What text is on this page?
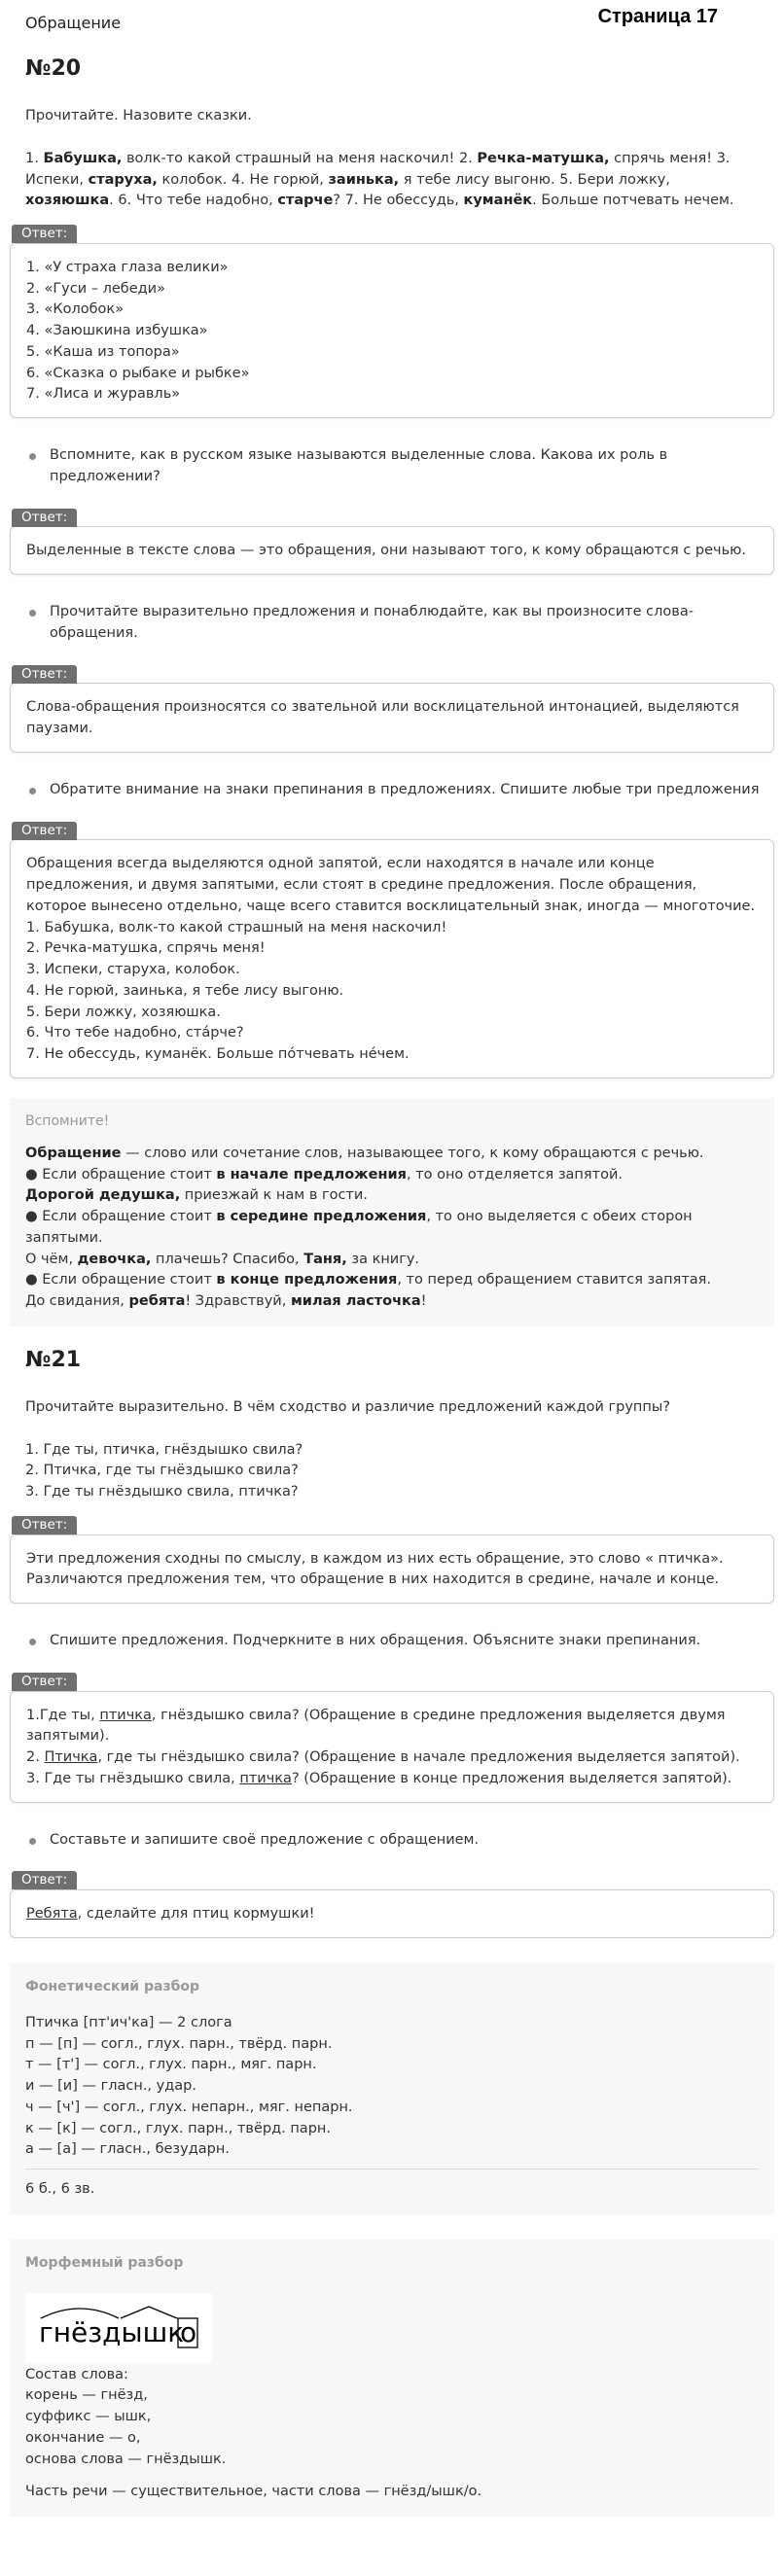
Обращение	Страница 17
№20
Прочитайте. Назовите сказки.

1. Бабушка, волк-то какой страшный на меня наскочил! 2. Речка-матушка, спрячь меня! 3. Испеки, старуха, колобок. 4. Не горюй, заинька, я тебе лису выгоню. 5. Бери ложку, хозяюшка. 6. Что тебе надобно, старче? 7. Не обессудь, куманёк. Больше потчевать нечем.

Ответ:
1. «У страха глаза велики»
2. «Гуси – лебеди»
3. «Колобок»
4. «Заюшкина избушка»
5. «Каша из топора»
6. «Сказка о рыбаке и рыбке»
7. «Лиса и журавль»
Вспомните, как в русском языке называются выделенные слова. Какова их роль в предложении?
Ответ:
Выделенные в тексте слова — это обращения, они называют того, к кому обращаются с речью.
Прочитайте выразительно предложения и понаблюдайте, как вы произносите слова-обращения.
Ответ:
Слова-обращения произносятся со звательной или восклицательной интонацией, выделяются паузами.
Обратите внимание на знаки препинания в предложениях. Спишите любые три предложения
Ответ:
Обращения всегда выделяются одной запятой, если находятся в начале или конце предложения, и двумя запятыми, если стоят в средине предложения. После обращения, которое вынесено отдельно, чаще всего ставится восклицательный знак, иногда — многоточие.
1. Бабушка, волк-то какой страшный на меня наскочил!
2. Речка-матушка, спрячь меня!
3. Испеки, старуха, колобок.
4. Не горюй, заинька, я тебе лису выгоню.
5. Бери ложку, хозяюшка.
6. Что тебе надобно, ста́рче?
7. Не обессудь, куманёк. Больше по́тчевать не́чем.
Вспомните!
Обращение — слово или сочетание слов, называющее того, к кому обращаются с речью.
● Если обращение стоит в начале предложения, то оно отделяется запятой.
Дорогой дедушка, приезжай к нам в гости.
● Если обращение стоит в середине предложения, то оно выделяется с обеих сторон запятыми.
О чём, девочка, плачешь? Спасибо, Таня, за книгу.
● Если обращение стоит в конце предложения, то перед обращением ставится запятая.
До свидания, ребята! Здравствуй, милая ласточка!
№21
Прочитайте выразительно. В чём сходство и различие предложений каждой группы?
1. Где ты, птичка, гнёздышко свила?
2. Птичка, где ты гнёздышко свила?
3. Где ты гнёздышко свила, птичка?
Ответ:
Эти предложения сходны по смыслу, в каждом из них есть обращение, это слово « птичка». Различаются предложения тем, что обращение в них находится в средине, начале и конце.
Спишите предложения. Подчеркните в них обращения. Объясните знаки препинания.
Ответ:
1.Где ты, птичка, гнёздышко свила? (Обращение в средине предложения выделяется двумя запятыми).
2. Птичка, где ты гнёздышко свила? (Обращение в начале предложения выделяется запятой).
3. Где ты гнёздышко свила, птичка? (Обращение в конце предложения выделяется запятой).
Составьте и запишите своё предложение с обращением.
Ответ:
Ребята, сделайте для птиц кормушки!
Фонетический разбор
Птичка [пт'ич'ка] — 2 слога
п — [п] — согл., глух. парн., твёрд. парн.
т — [т'] — согл., глух. парн., мяг. парн.
и — [и] — гласн., удар.
ч — [ч'] — согл., глух. непарн., мяг. непарн.
к — [к] — согл., глух. парн., твёрд. парн.
а — [а] — гласн., безударн.
6 б., 6 зв.
Морфемный разбор
гнёздышк
о
Состав слова:
корень — гнёзд,
суффикс — ышк,
окончание — о,
основа слова — гнёздышк.
Часть речи — существительное, части слова — гнёзд/ышк/о.
